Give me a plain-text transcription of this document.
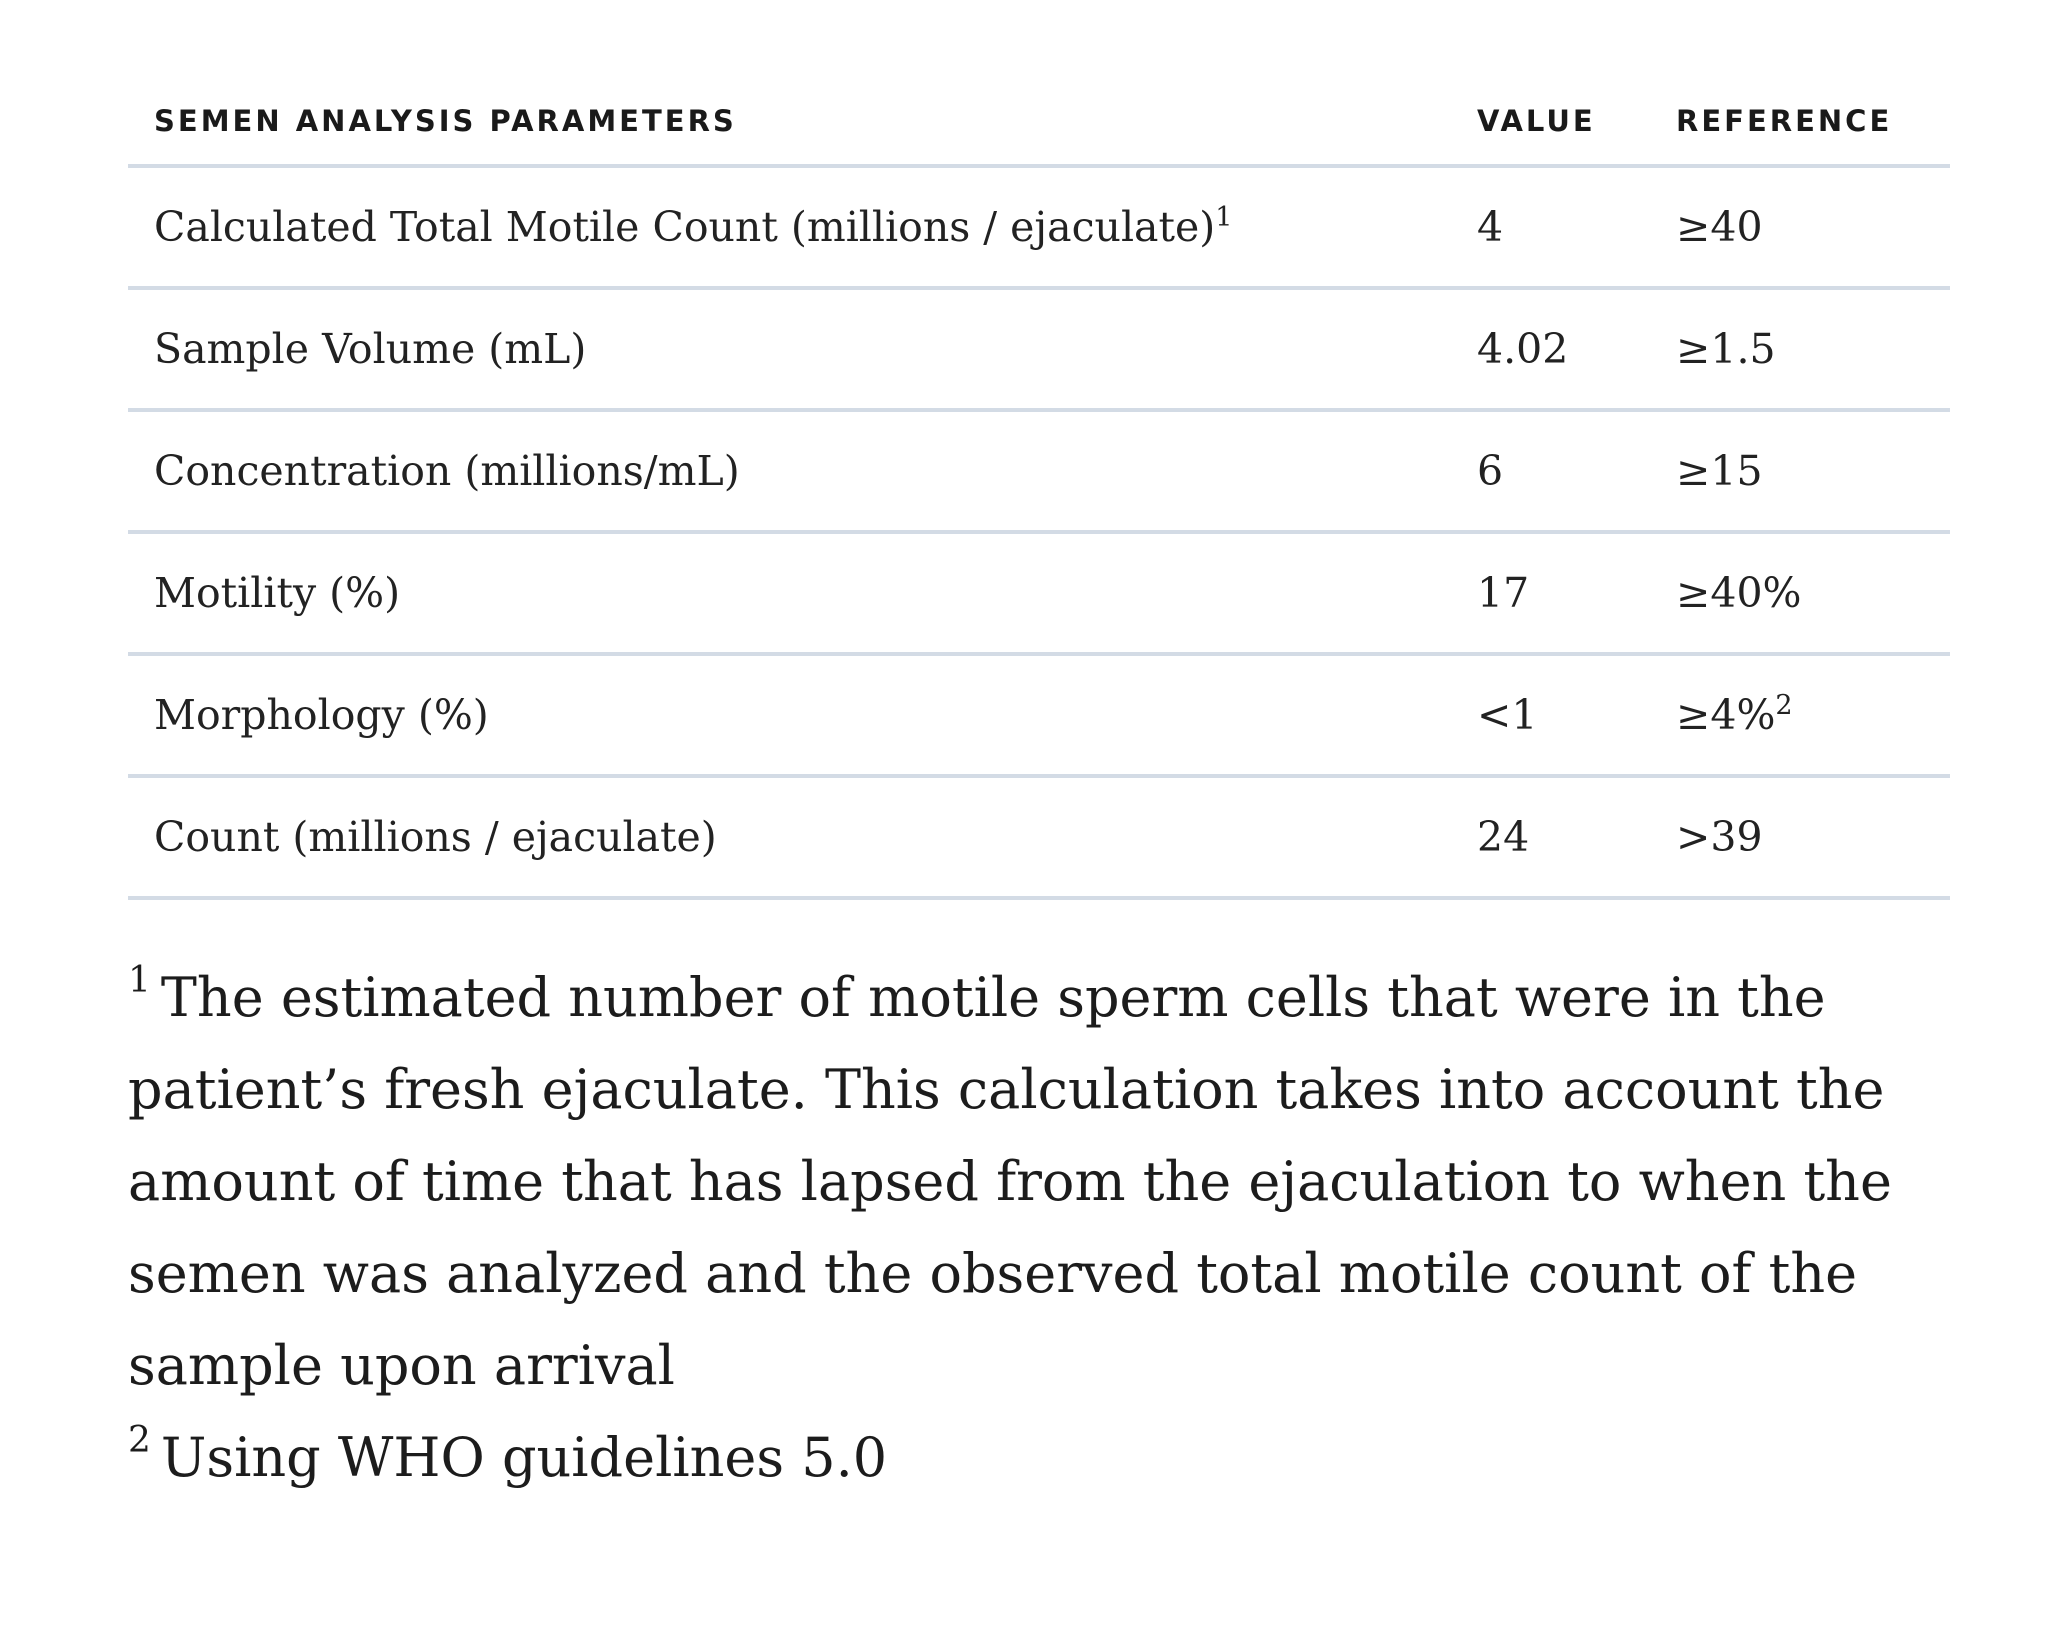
SEMEN ANALYSIS PARAMETERS	VALUE	REFERENCE
Calculated Total Motile Count (millions / ejaculate)$^1$	4	≥40
Sample Volume (mL)	4.02	≥1.5
Concentration (millions/mL)	6	≥15
Motility (%)	17	≥40%
Morphology (%)	<1	≥4%$^2$
Count (millions / ejaculate)	24	>39

$^1$ The estimated number of motile sperm cells that were in the patient’s fresh ejaculate. This calculation takes into account the amount of time that has lapsed from the ejaculation to when the semen was analyzed and the observed total motile count of the sample upon arrival

$^2$ Using WHO guidelines 5.0
